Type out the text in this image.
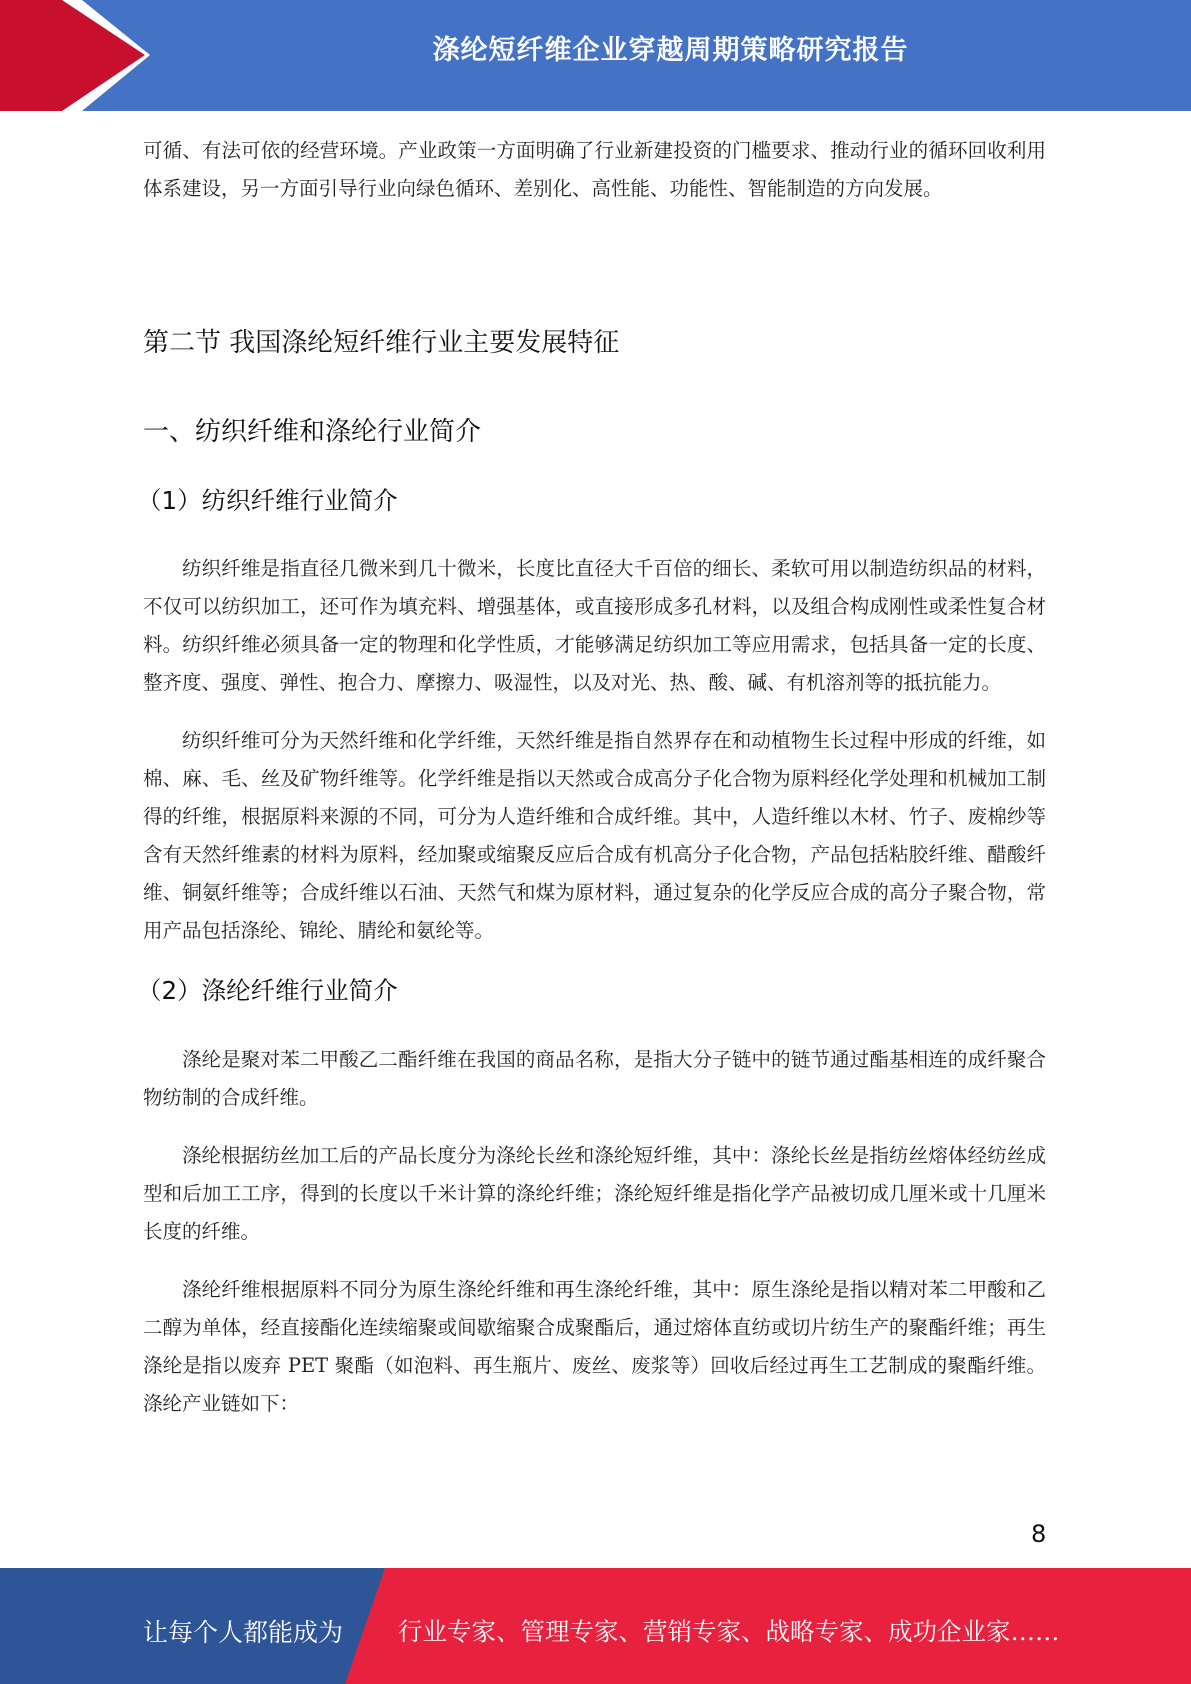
涤纶短纤维企业穿越周期策略研究报告

可循、有法可依的经营环境。产业政策一方面明确了行业新建投资的门槛要求、推动行业的循环回收利用体系建设，另一方面引导行业向绿色循环、差别化、高性能、功能性、智能制造的方向发展。

第二节 我国涤纶短纤维行业主要发展特征
一、纺织纤维和涤纶行业简介
（1）纺织纤维行业简介

纺织纤维是指直径几微米到几十微米，长度比直径大千百倍的细长、柔软可用以制造纺织品的材料，不仅可以纺织加工，还可作为填充料、增强基体，或直接形成多孔材料，以及组合构成刚性或柔性复合材料。纺织纤维必须具备一定的物理和化学性质，才能够满足纺织加工等应用需求，包括具备一定的长度、整齐度、强度、弹性、抱合力、摩擦力、吸湿性，以及对光、热、酸、碱、有机溶剂等的抵抗能力。

纺织纤维可分为天然纤维和化学纤维，天然纤维是指自然界存在和动植物生长过程中形成的纤维，如棉、麻、毛、丝及矿物纤维等。化学纤维是指以天然或合成高分子化合物为原料经化学处理和机械加工制得的纤维，根据原料来源的不同，可分为人造纤维和合成纤维。其中，人造纤维以木材、竹子、废棉纱等含有天然纤维素的材料为原料，经加聚或缩聚反应后合成有机高分子化合物，产品包括粘胶纤维、醋酸纤维、铜氨纤维等；合成纤维以石油、天然气和煤为原材料，通过复杂的化学反应合成的高分子聚合物，常用产品包括涤纶、锦纶、腈纶和氨纶等。

（2）涤纶纤维行业简介

涤纶是聚对苯二甲酸乙二酯纤维在我国的商品名称，是指大分子链中的链节通过酯基相连的成纤聚合物纺制的合成纤维。

涤纶根据纺丝加工后的产品长度分为涤纶长丝和涤纶短纤维，其中：涤纶长丝是指纺丝熔体经纺丝成型和后加工工序，得到的长度以千米计算的涤纶纤维；涤纶短纤维是指化学产品被切成几厘米或十几厘米长度的纤维。

涤纶纤维根据原料不同分为原生涤纶纤维和再生涤纶纤维，其中：原生涤纶是指以精对苯二甲酸和乙二醇为单体，经直接酯化连续缩聚或间歇缩聚合成聚酯后，通过熔体直纺或切片纺生产的聚酯纤维；再生涤纶是指以废弃 PET 聚酯（如泡料、再生瓶片、废丝、废浆等）回收后经过再生工艺制成的聚酯纤维。涤纶产业链如下：

8
让每个人都能成为 行业专家、管理专家、营销专家、战略专家、成功企业家……
